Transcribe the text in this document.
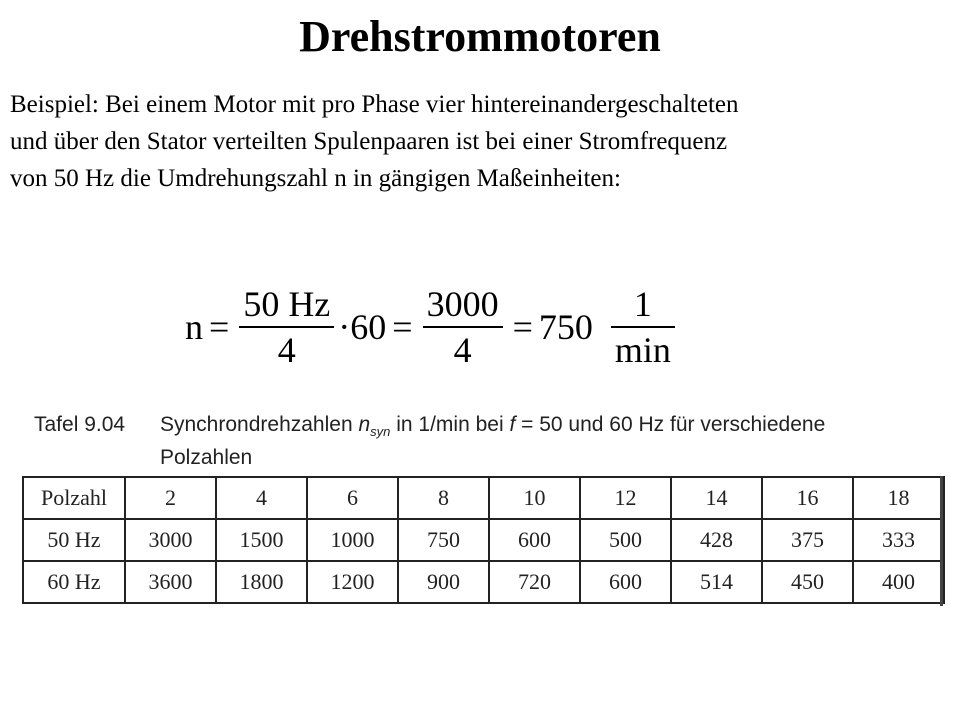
Drehstrommotoren
Beispiel: Bei einem Motor mit pro Phase vier hintereinandergeschalteten
und über den Stator verteilten Spulenpaaren ist bei einer Stromfrequenz
von 50 Hz die Umdrehungszahl n in gängigen Maßeinheiten:
$n = \frac{50 Hz}{4} \cdot 60 = \frac{3000}{4} = 750 \frac{1}{\min}$
Tafel 9.04	Synchrondrehzahlen $n_{syn}$ in 1/min bei f = 50 und 60 Hz für verschiedene
Polzahlen
Polzahl	2	4	6	8	10	12	14	16	18
50 Hz	3000	1500	1000	750	600	500	428	375	333
60 Hz	3600	1800	1200	900	720	600	514	450	400
